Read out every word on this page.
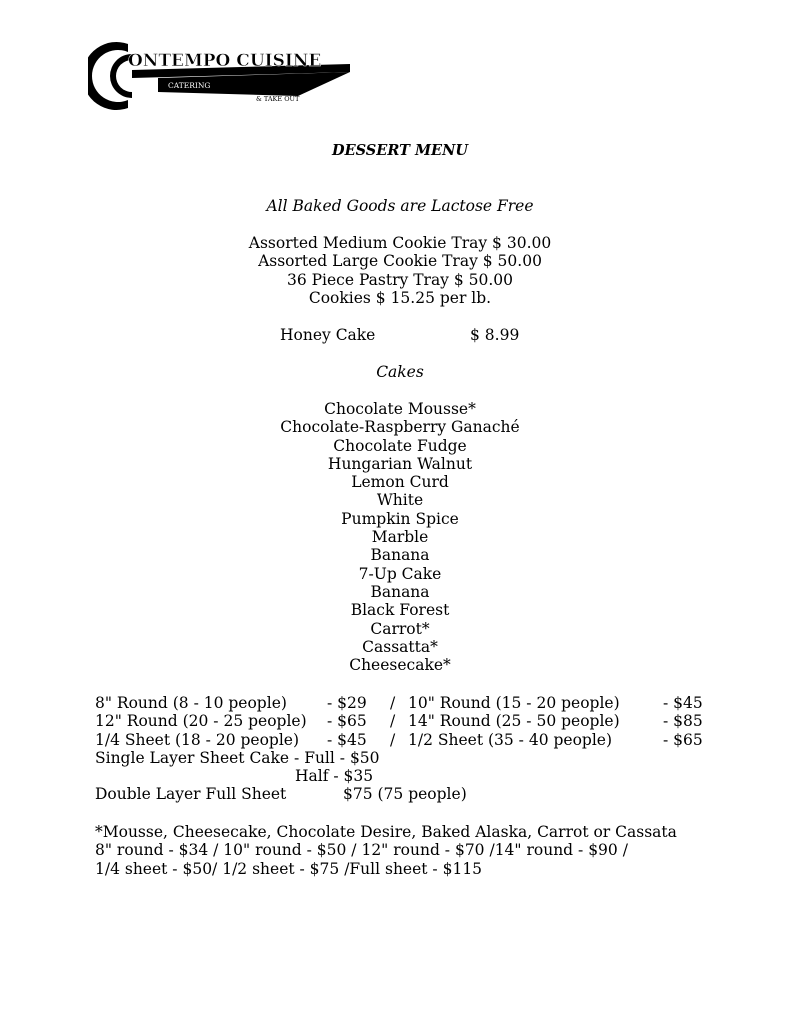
ONTEMPO CUISINE
CATERING
& TAKE OUT
DESSERT MENU
All Baked Goods are Lactose Free
Assorted Medium Cookie Tray $ 30.00
Assorted Large Cookie Tray $ 50.00
36 Piece Pastry Tray $ 50.00
Cookies $ 15.25 per lb.
Honey Cake	$ 8.99
Cakes
Chocolate Mousse*
Chocolate-Raspberry Ganaché
Chocolate Fudge
Hungarian Walnut
Lemon Curd
White
Pumpkin Spice
Marble
Banana
7-Up Cake
Banana
Black Forest
Carrot*
Cassatta*
Cheesecake*
8" Round (8 - 10 people)	- $29 / 10" Round (15 - 20 people)	- $45
12" Round (20 - 25 people) - $65 / 14" Round (25 - 50 people)	- $85
1/4 Sheet (18 - 20 people) - $45 / 1/2 Sheet (35 - 40 people)	- $65
Single Layer Sheet Cake - Full - $50
Half - $35
Double Layer Full Sheet	$75 (75 people)
*Mousse, Cheesecake, Chocolate Desire, Baked Alaska, Carrot or Cassata
8" round - $34 / 10" round - $50 / 12" round - $70 /14" round - $90 /
1/4 sheet - $50/ 1/2 sheet - $75 /Full sheet - $115
